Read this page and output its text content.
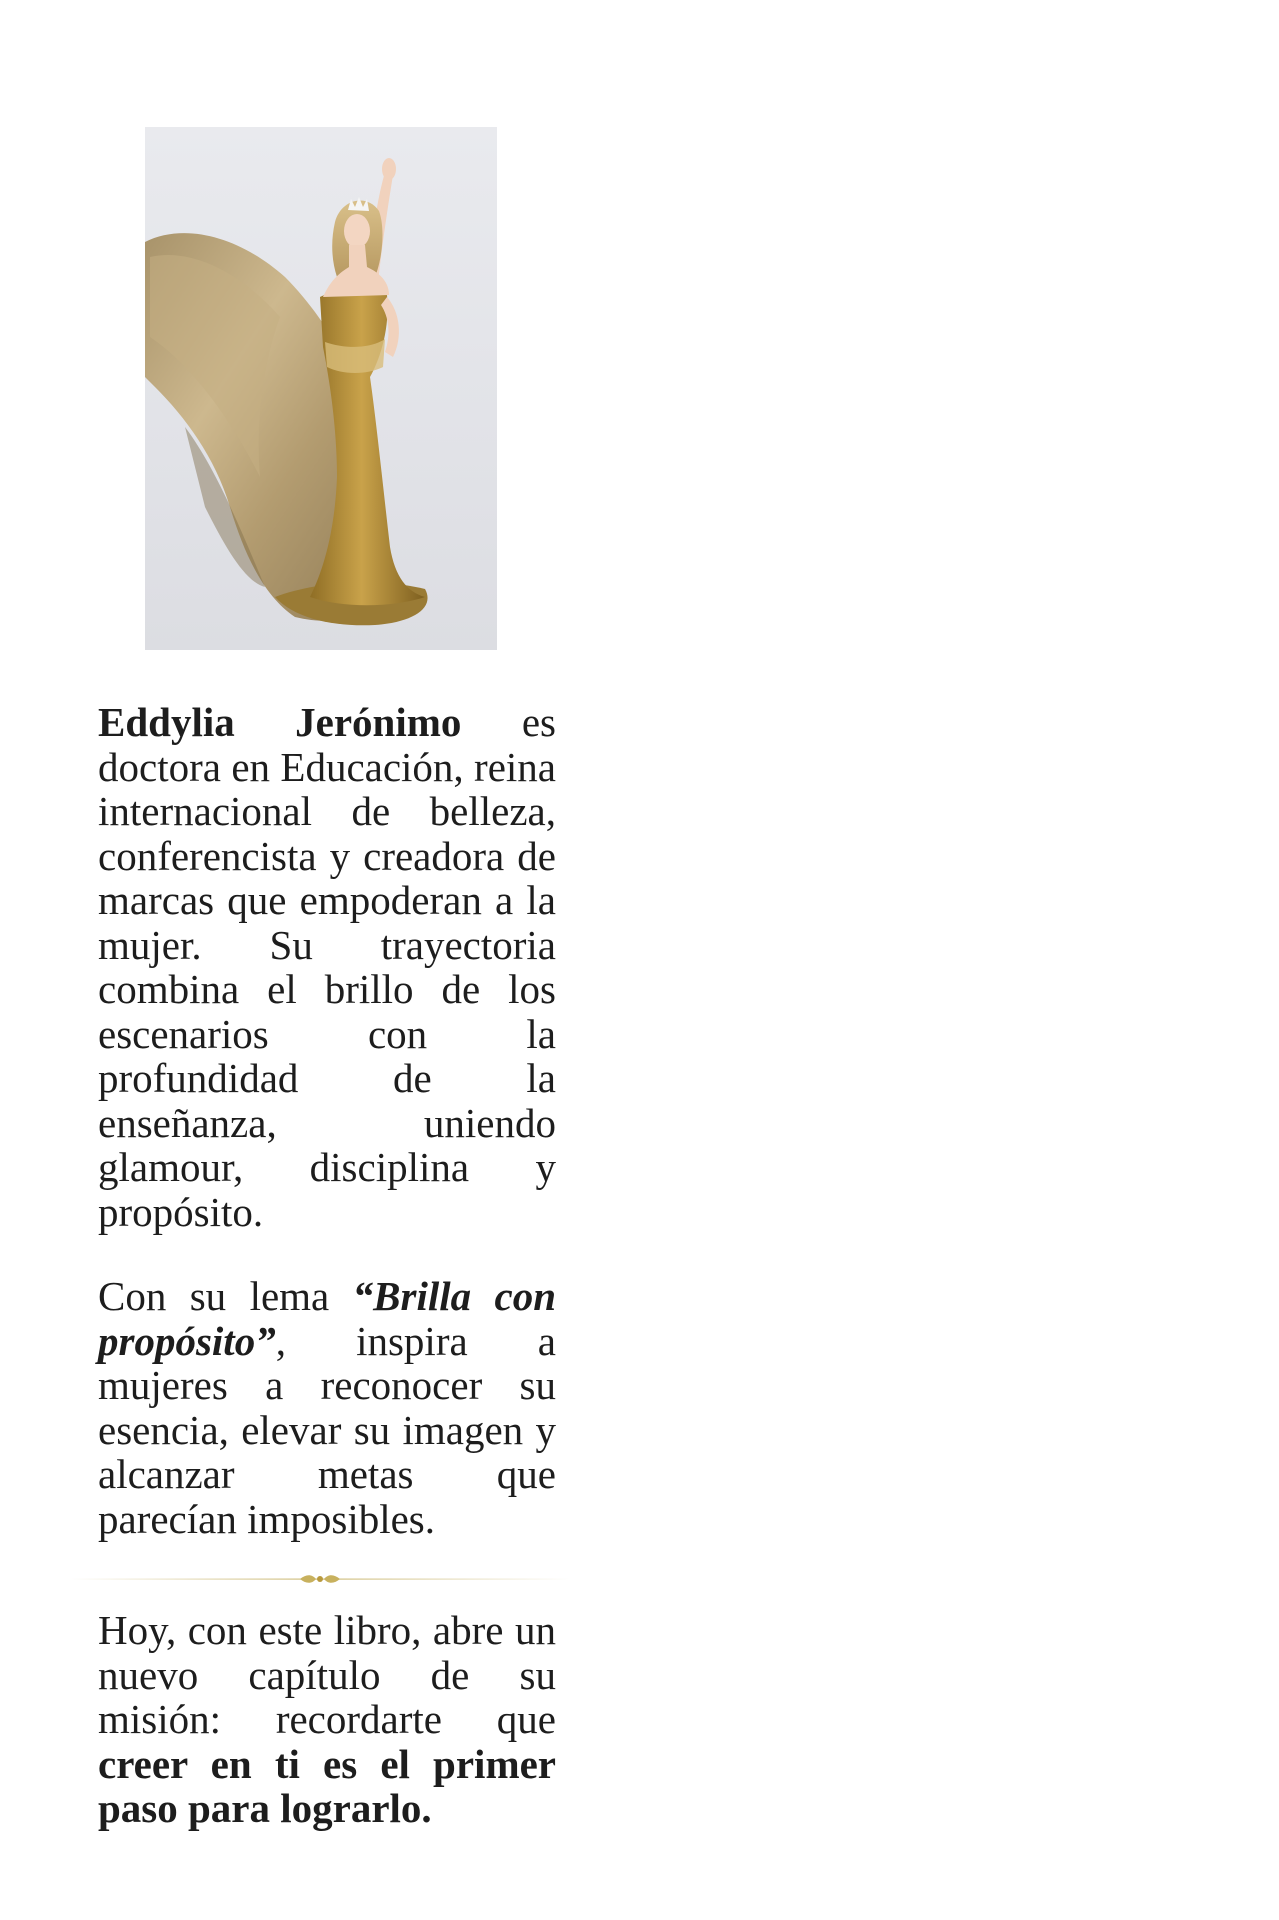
Eddylia Jerónimo es doctora en Educación, reina internacional de belleza, conferencista y creadora de marcas que empoderan a la mujer. Su trayectoria combina el brillo de los escenarios con la profundidad de la enseñanza, uniendo glamour, disciplina y propósito.

Con su lema “Brilla con propósito”, inspira a mujeres a reconocer su esencia, elevar su imagen y alcanzar metas que parecían imposibles.

Hoy, con este libro, abre un nuevo capítulo de su misión: recordarte que creer en ti es el primer paso para lograrlo.
